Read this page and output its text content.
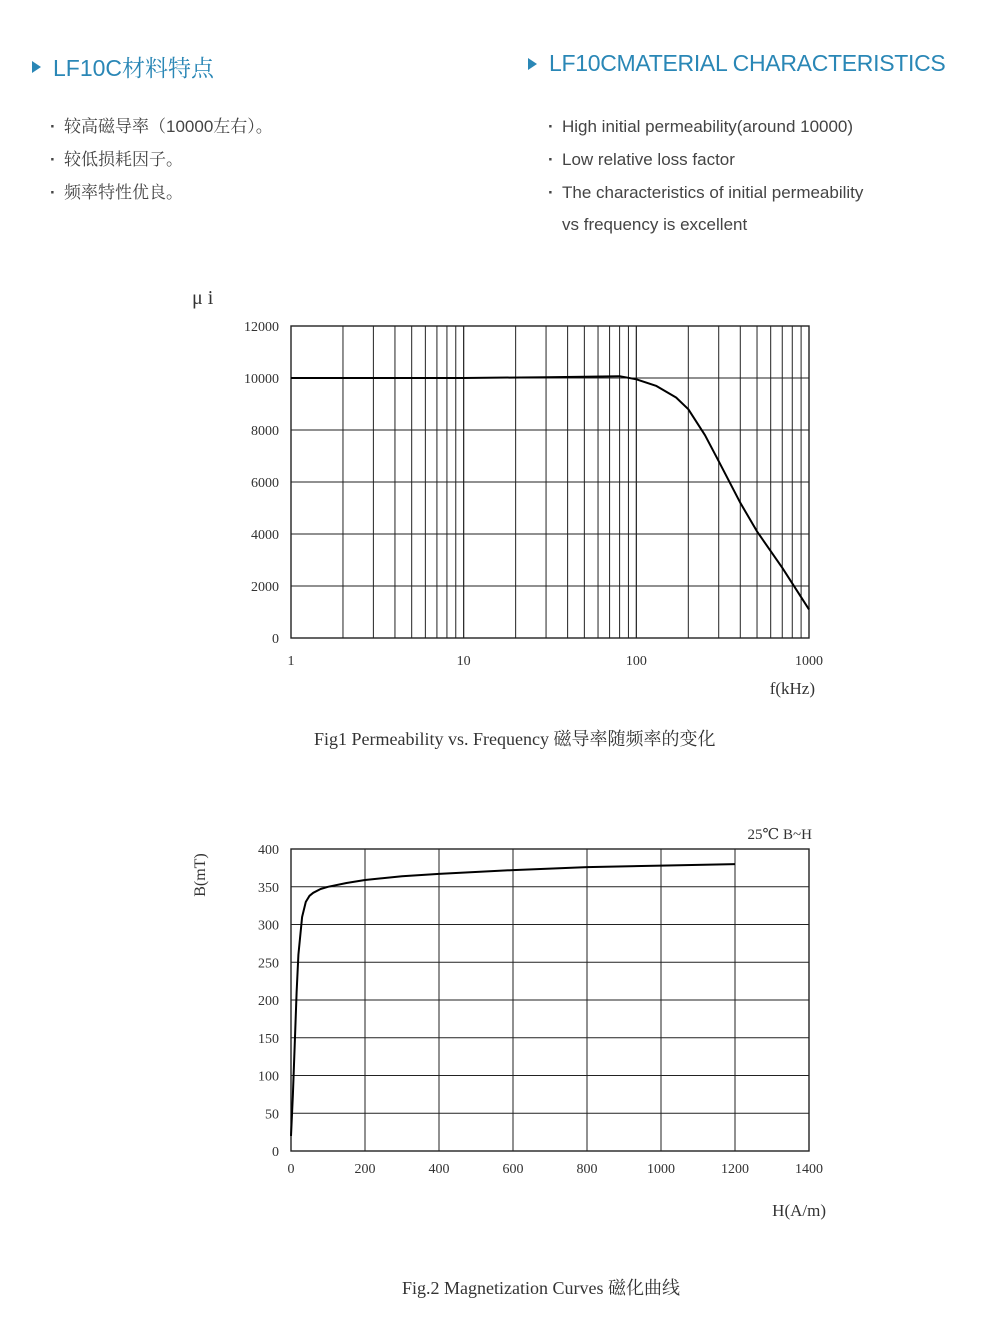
LF10C材料特点	LF10CMATERIAL CHARACTERISTICS
· 较高磁导率（10000左右）。
· 较低损耗因子。
· 频率特性优良。
· High initial permeability(around 10000)
· Low relative loss factor
· The characteristics of initial permeability
vs frequency is excellent
0
2000
4000
6000
8000
10000
12000
1	10	100	1000
μ i
f(kHz)
0	200	400	600	800	1000	1200	1400
0
50
100
150
200
250
300
350
400
B(mT)
H(A/m)
25℃ B~H
Fig1 Permeability vs. Frequency 磁导率随频率的变化
Fig.2 Magnetization Curves 磁化曲线
